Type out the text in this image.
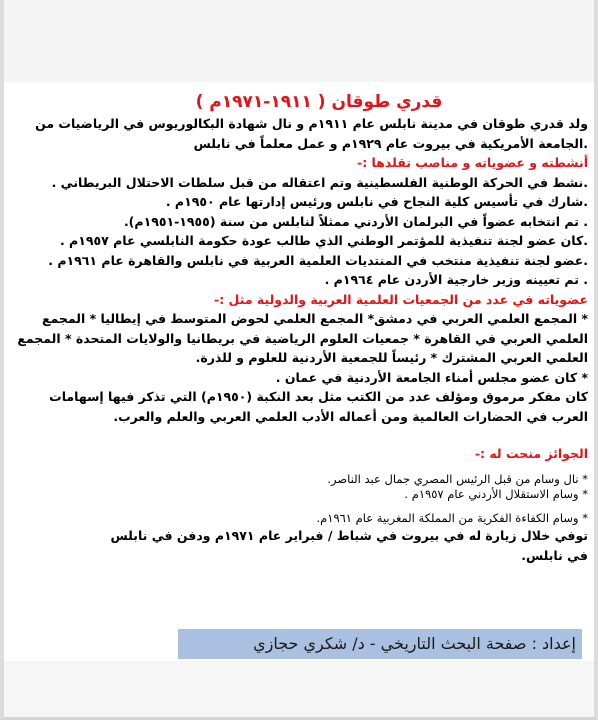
قدري طوقان ( ١٩١١-١٩٧١م )

ولد قدري طوقان في مدينة نابلس عام ١٩١١م و نال شهادة البكالوريوس في الرياضيات من

.الجامعة الأمريكية في بيروت عام ١٩٢٩م و عمل معلماً في نابلس

أنشطته و عضوياته و مناصب تقلدها :-

.نشط في الحركة الوطنية الفلسطينية وتم اعتقاله من قبل سلطات الاحتلال البريطاني .

.شارك في تأسيس كلية النجاح في نابلس ورئيس إدارتها عام ١٩٥٠م .

. تم انتخابه عضواً في البرلمان الأردني ممثلاً لنابلس من سنة (١٩٥٥-١٩٥١م).

.كان عضو لجنة تنفيذية للمؤتمر الوطني الذي طالب عودة حكومة النابلسي عام ١٩٥٧م .

.عضو لجنة تنفيذية منتخب في المنتديات العلمية العربية في نابلس والقاهرة عام ١٩٦١م .

. تم تعيينه وزير خارجية الأردن عام ١٩٦٤م .

عضوياته في عدد من الجمعيات العلمية العربية والدولية مثل :-

* المجمع العلمي العربي في دمشق* المجمع العلمي لحوض المتوسط في إيطاليا * المجمع

العلمي العربي في القاهرة * جمعيات العلوم الرياضية في بريطانيا والولايات المتحدة * المجمع

العلمي العربي المشترك * رئيساً للجمعية الأردنية للعلوم و للذرة.

* كان عضو مجلس أمناء الجامعة الأردنية في عمان .

كان مفكر مرموق ومؤلف عدد من الكتب مثل بعد النكبة (١٩٥٠م) التي تذكر فيها إسهامات

العرب في الحضارات العالمية ومن أعماله الأدب العلمي العربي والعلم والعرب.

الجوائز منحت له :-

* نال وسام من قبل الرئيس المصري جمال عبد الناصر.

* وسام الاستقلال الأردني عام ١٩٥٧م .

* وسام الكفاءة الفكرية من المملكة المغربية عام ١٩٦١م.

توفي خلال زيارة له في بيروت في شباط / فبراير عام ١٩٧١م ودفن في نابلس

في نابلس.

إعداد : صفحة البحث التاريخي - د/ شكري حجازي
